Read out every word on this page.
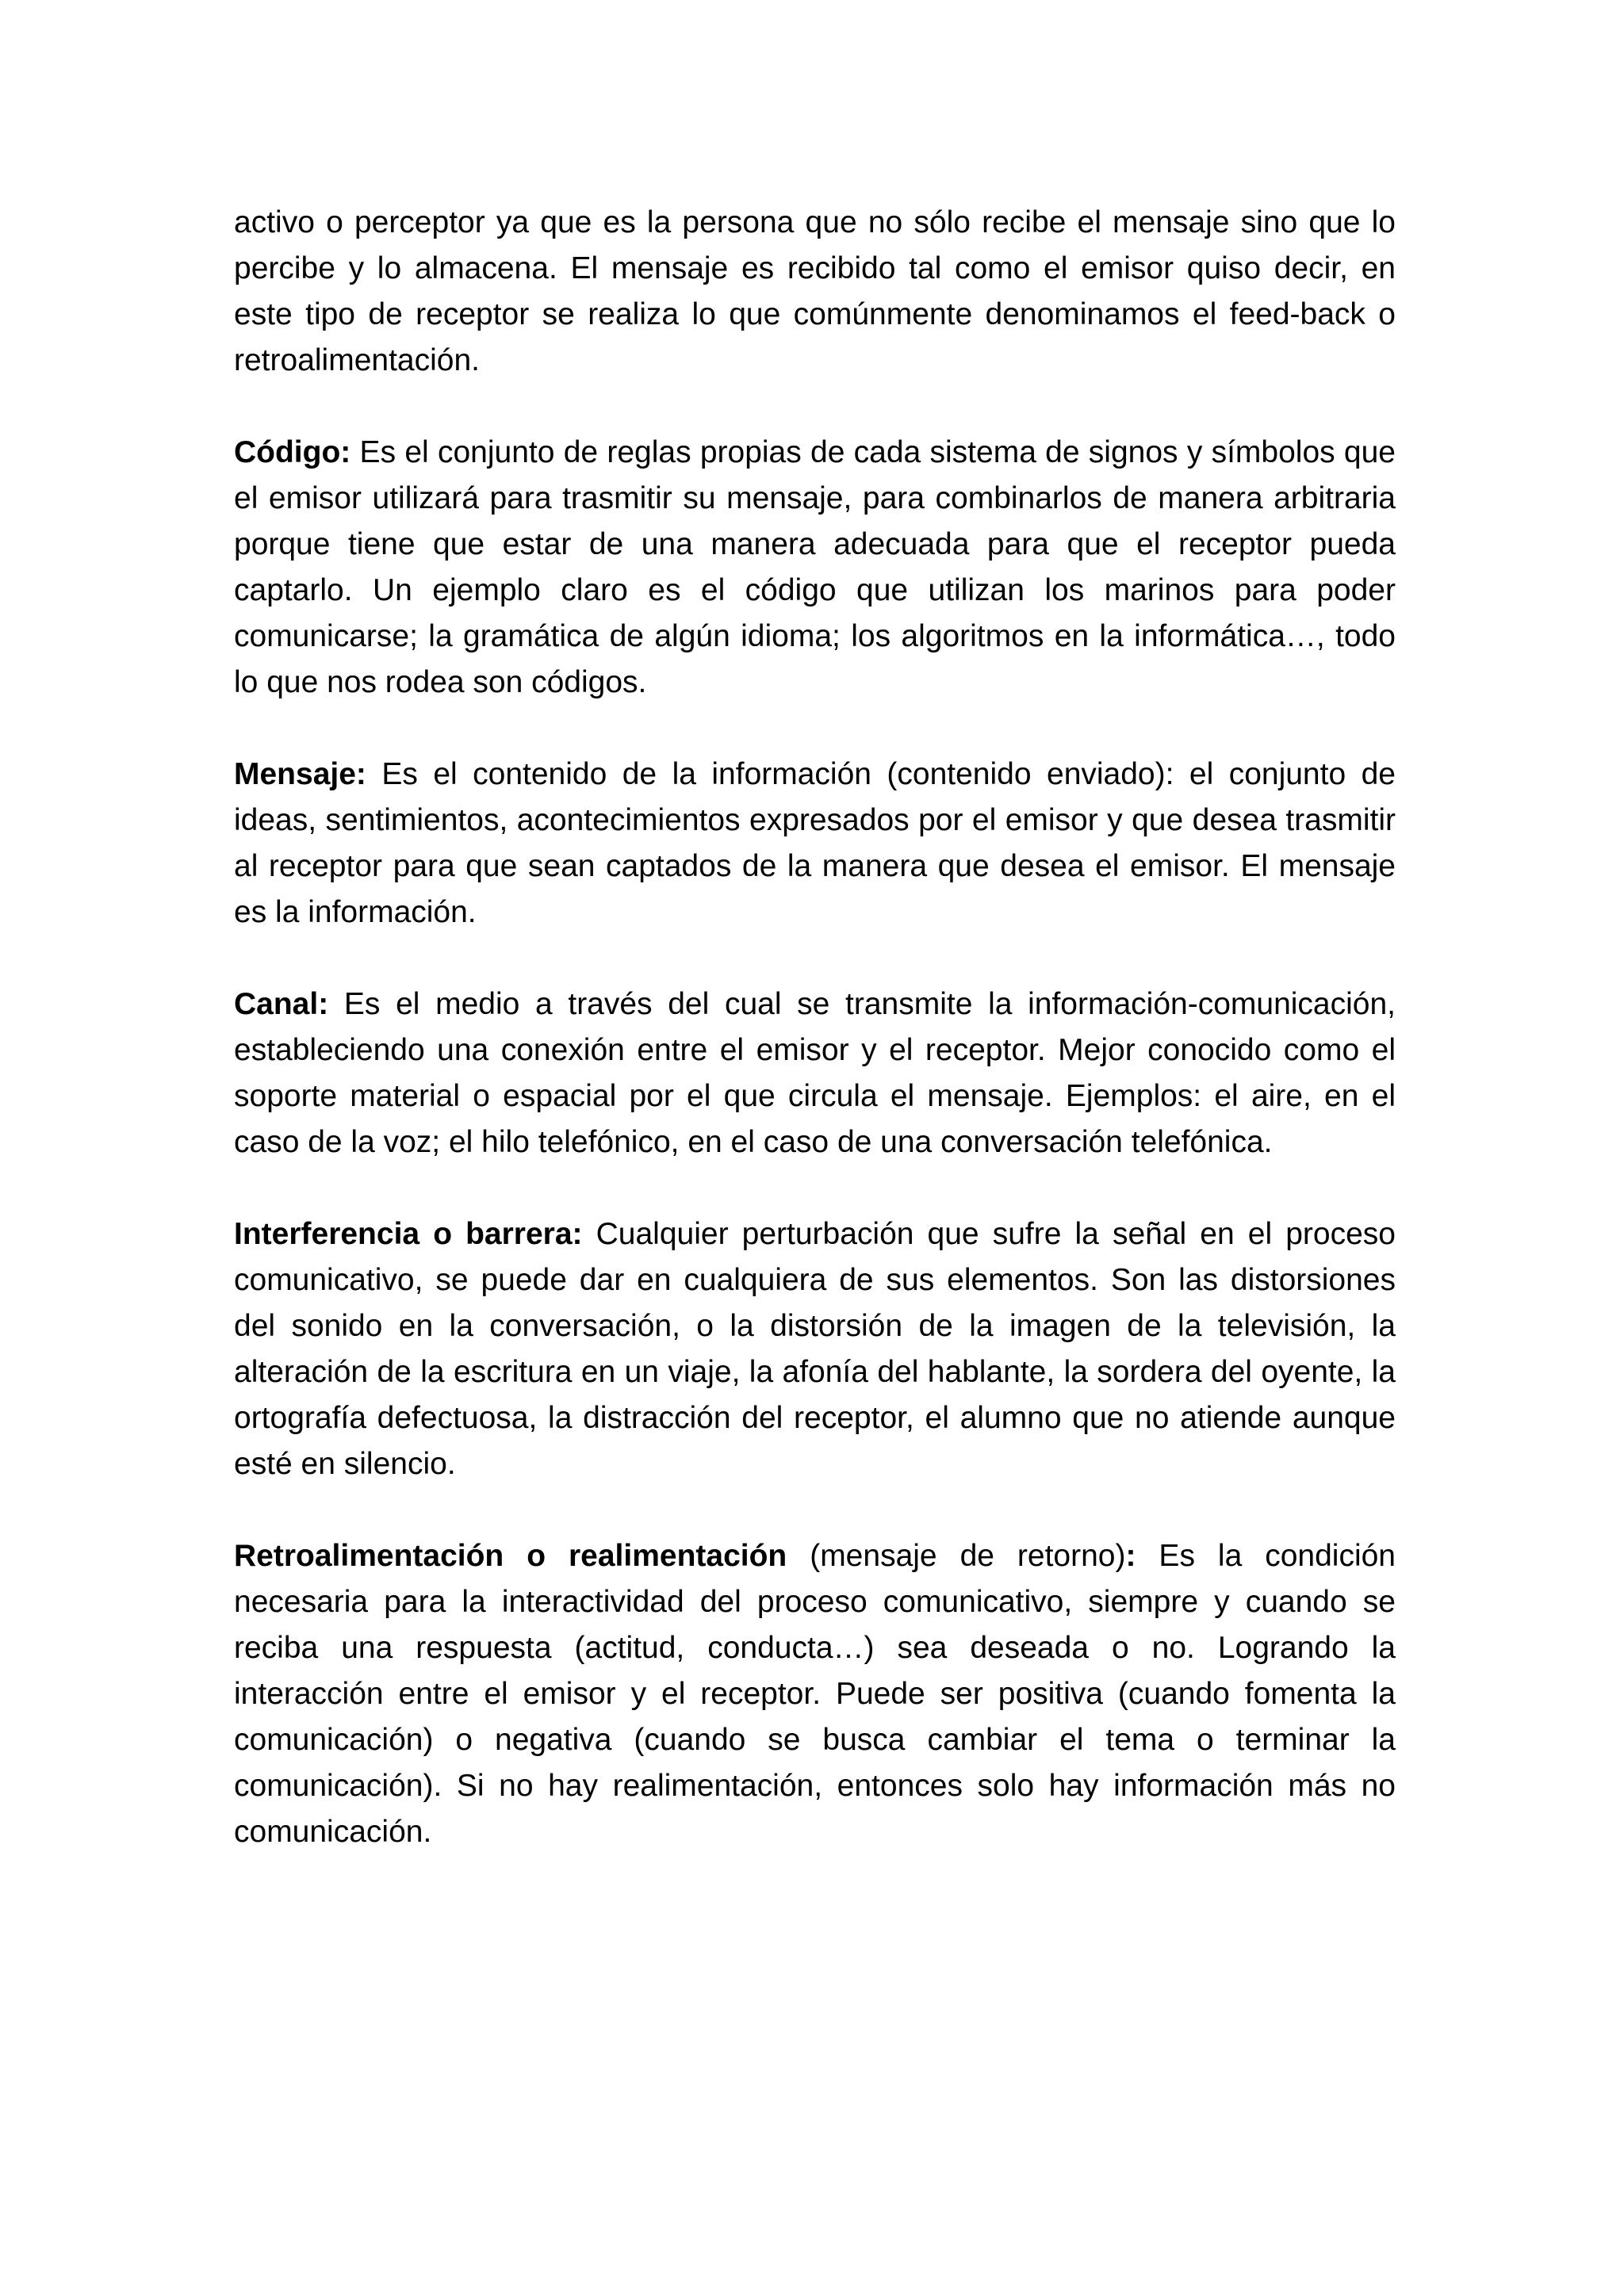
activo o perceptor ya que es la persona que no sólo recibe el mensaje sino que lo percibe y lo almacena. El mensaje es recibido tal como el emisor quiso decir, en este tipo de receptor se realiza lo que comúnmente denominamos el feed-back o retroalimentación.

Código: Es el conjunto de reglas propias de cada sistema de signos y símbolos que el emisor utilizará para trasmitir su mensaje, para combinarlos de manera arbitraria porque tiene que estar de una manera adecuada para que el receptor pueda captarlo. Un ejemplo claro es el código que utilizan los marinos para poder comunicarse; la gramática de algún idioma; los algoritmos en la informática…, todo lo que nos rodea son códigos.

Mensaje: Es el contenido de la información (contenido enviado): el conjunto de ideas, sentimientos, acontecimientos expresados por el emisor y que desea trasmitir al receptor para que sean captados de la manera que desea el emisor. El mensaje es la información.

Canal: Es el medio a través del cual se transmite la información-comunicación, estableciendo una conexión entre el emisor y el receptor. Mejor conocido como el soporte material o espacial por el que circula el mensaje. Ejemplos: el aire, en el caso de la voz; el hilo telefónico, en el caso de una conversación telefónica.

Interferencia o barrera: Cualquier perturbación que sufre la señal en el proceso comunicativo, se puede dar en cualquiera de sus elementos. Son las distorsiones del sonido en la conversación, o la distorsión de la imagen de la televisión, la alteración de la escritura en un viaje, la afonía del hablante, la sordera del oyente, la ortografía defectuosa, la distracción del receptor, el alumno que no atiende aunque esté en silencio.

Retroalimentación o realimentación (mensaje de retorno): Es la condición necesaria para la interactividad del proceso comunicativo, siempre y cuando se reciba una respuesta (actitud, conducta…) sea deseada o no. Logrando la interacción entre el emisor y el receptor. Puede ser positiva (cuando fomenta la comunicación) o negativa (cuando se busca cambiar el tema o terminar la comunicación). Si no hay realimentación, entonces solo hay información más no comunicación.
